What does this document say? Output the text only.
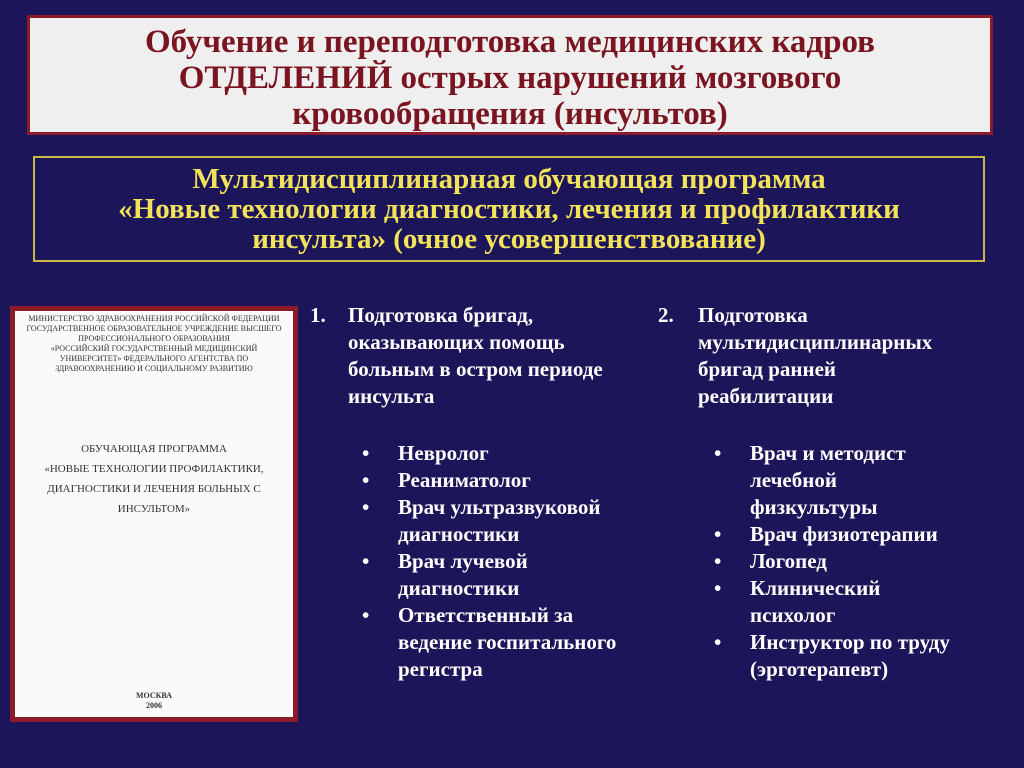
Обучение и переподготовка медицинских кадров
ОТДЕЛЕНИЙ острых нарушений мозгового
кровообращения (инсультов)
Мультидисциплинарная обучающая программа
«Новые технологии диагностики, лечения и профилактики
инсульта» (очное усовершенствование)
МИНИСТЕРСТВО ЗДРАВООХРАНЕНИЯ РОССИЙСКОЙ ФЕДЕРАЦИИ
ГОСУДАРСТВЕННОЕ ОБРАЗОВАТЕЛЬНОЕ УЧРЕЖДЕНИЕ ВЫСШЕГО
ПРОФЕССИОНАЛЬНОГО ОБРАЗОВАНИЯ
«РОССИЙСКИЙ ГОСУДАРСТВЕННЫЙ МЕДИЦИНСКИЙ
УНИВЕРСИТЕТ» ФЕДЕРАЛЬНОГО АГЕНТСТВА ПО
ЗДРАВООХРАНЕНИЮ И СОЦИАЛЬНОМУ РАЗВИТИЮ
ОБУЧАЮЩАЯ ПРОГРАММА
«НОВЫЕ ТЕХНОЛОГИИ ПРОФИЛАКТИКИ,
ДИАГНОСТИКИ И ЛЕЧЕНИЯ БОЛЬНЫХ С
ИНСУЛЬТОМ»
МОСКВА
2006
1. Подготовка бригад,
оказывающих помощь
больным в остром периоде
инсульта
• Невролог
• Реаниматолог
• Врач ультразвуковой
диагностики
• Врач лучевой
диагностики
• Ответственный за
ведение госпитального
регистра
2. Подготовка
мультидисциплинарных
бригад ранней
реабилитации
• Врач и методист
лечебной
физкультуры
• Врач физиотерапии
• Логопед
• Клинический
психолог
• Инструктор по труду
(эрготерапевт)
